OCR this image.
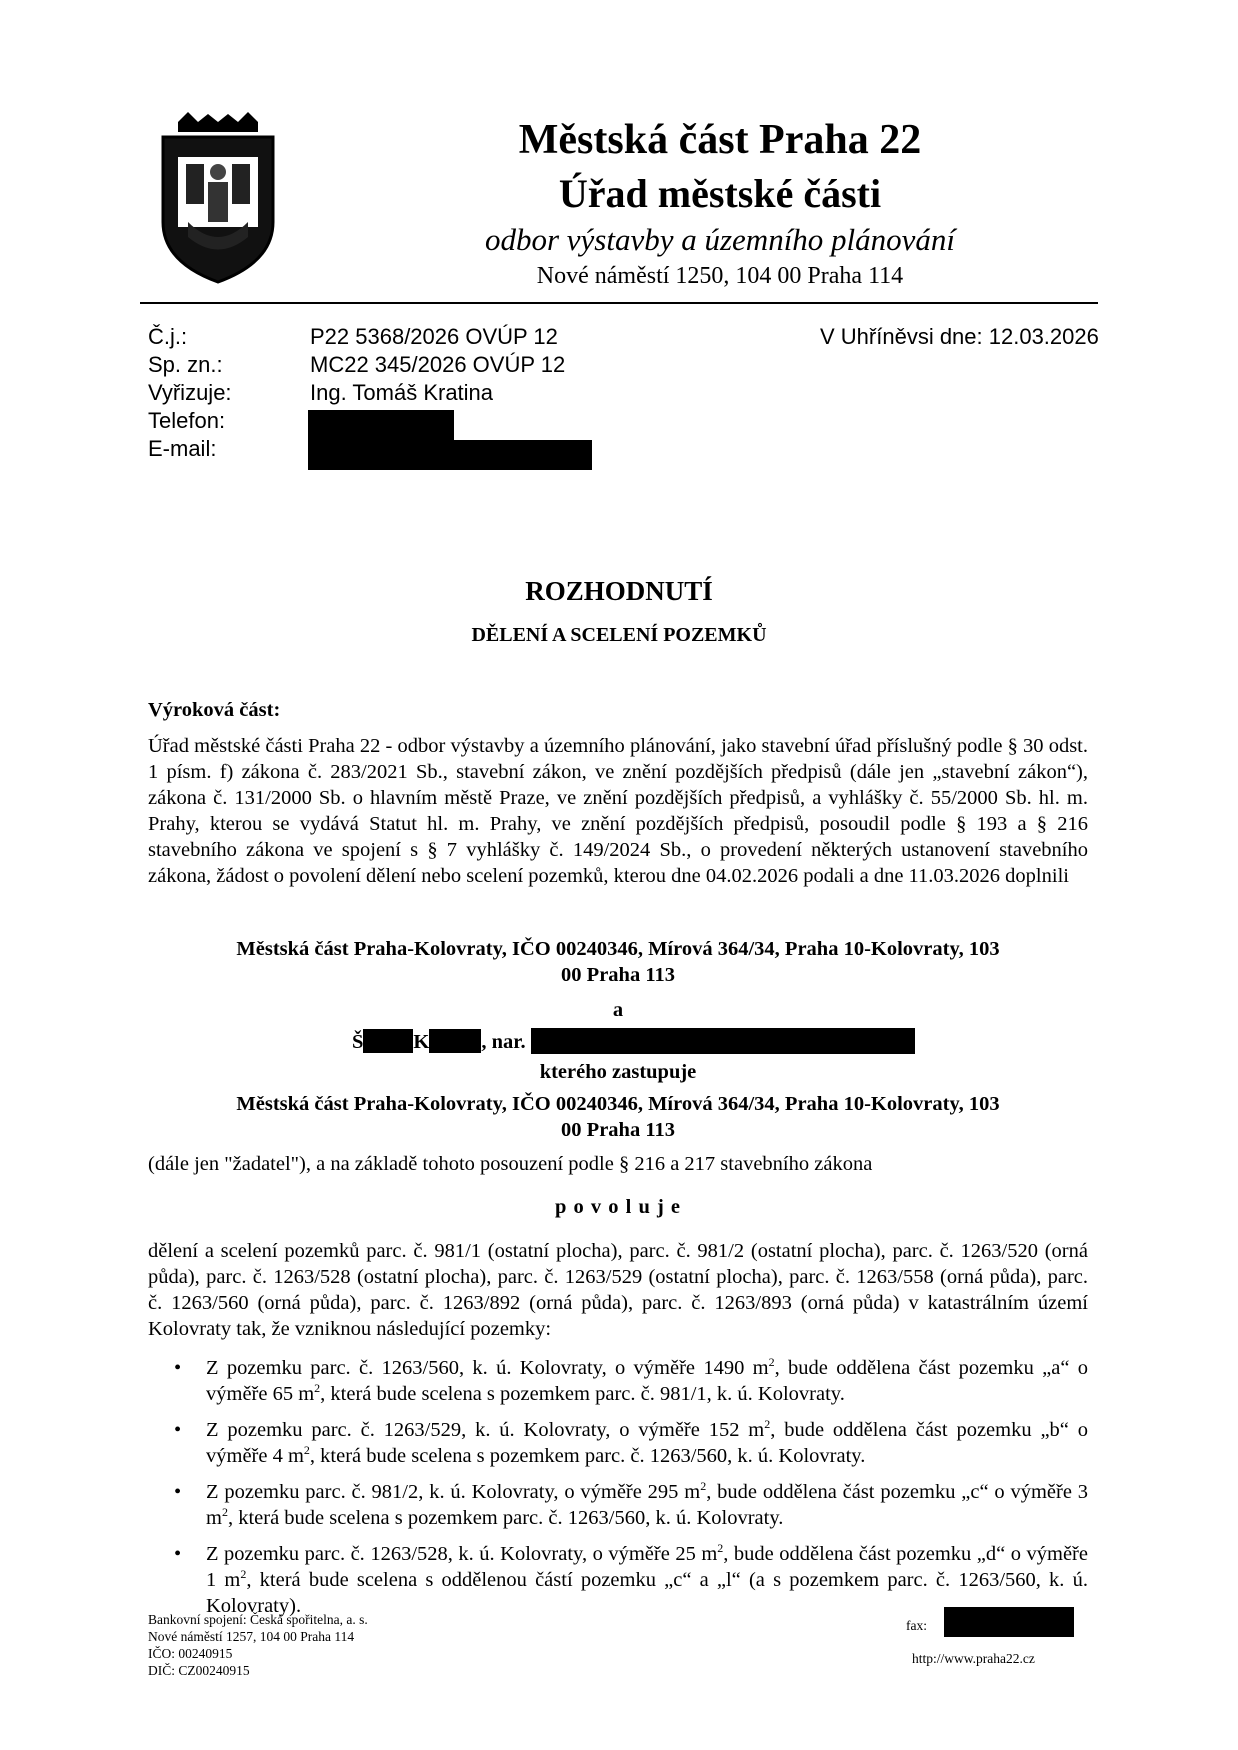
Městská část Praha 22
Úřad městské části
odbor výstavby a územního plánování
Nové náměstí 1250, 104 00 Praha 114
Č.j.:
Sp. zn.:
Vyřizuje:
Telefon:
E-mail:
P22 5368/2026 OVÚP 12
MC22 345/2026 OVÚP 12
Ing. Tomáš Kratina
V Uhříněvsi dne: 12.03.2026
ROZHODNUTÍ
DĚLENÍ A SCELENÍ POZEMKŮ
Výroková část:
Úřad městské části Praha 22 - odbor výstavby a územního plánování, jako stavební úřad příslušný podle § 30 odst. 1 písm. f) zákona č. 283/2021 Sb., stavební zákon, ve znění pozdějších předpisů (dále jen „stavební zákon“), zákona č. 131/2000 Sb. o hlavním městě Praze, ve znění pozdějších předpisů, a vyhlášky č. 55/2000 Sb. hl. m. Prahy, kterou se vydává Statut hl. m. Prahy, ve znění pozdějších předpisů, posoudil podle § 193 a § 216 stavebního zákona ve spojení s § 7 vyhlášky č. 149/2024 Sb., o provedení některých ustanovení stavebního zákona, žádost o povolení dělení nebo scelení pozemků, kterou dne 04.02.2026 podali a dne 11.03.2026 doplnili
Městská část Praha-Kolovraty, IČO 00240346, Mírová 364/34, Praha 10-Kolovraty, 103 00 Praha 113
a
Š K	, nar.
kterého zastupuje
Městská část Praha-Kolovraty, IČO 00240346, Mírová 364/34, Praha 10-Kolovraty, 103 00 Praha 113
(dále jen "žadatel"), a na základě tohoto posouzení podle § 216 a 217 stavebního zákona
p o v o l u j e
dělení a scelení pozemků parc. č. 981/1 (ostatní plocha), parc. č. 981/2 (ostatní plocha), parc. č. 1263/520 (orná půda), parc. č. 1263/528 (ostatní plocha), parc. č. 1263/529 (ostatní plocha), parc. č. 1263/558 (orná půda), parc. č. 1263/560 (orná půda), parc. č. 1263/892 (orná půda), parc. č. 1263/893 (orná půda) v katastrálním území Kolovraty tak, že vzniknou následující pozemky:
• Z pozemku parc. č. 1263/560, k. ú. Kolovraty, o výměře 1490 $m^2$, bude oddělena část pozemku „a“ o výměře 65 $m^2$, která bude scelena s pozemkem parc. č. 981/1, k. ú. Kolovraty.
• Z pozemku parc. č. 1263/529, k. ú. Kolovraty, o výměře 152 $m^2$, bude oddělena část pozemku „b“ o výměře 4 $m^2$, která bude scelena s pozemkem parc. č. 1263/560, k. ú. Kolovraty.
• Z pozemku parc. č. 981/2, k. ú. Kolovraty, o výměře 295 $m^2$, bude oddělena část pozemku „c“ o výměře 3 $m^2$, která bude scelena s pozemkem parc. č. 1263/560, k. ú. Kolovraty.
• Z pozemku parc. č. 1263/528, k. ú. Kolovraty, o výměře 25 $m^2$, bude oddělena část pozemku „d“ o výměře 1 $m^2$, která bude scelena s oddělenou částí pozemku „c“ a „l“ (a s pozemkem parc. č. 1263/560, k. ú. Kolovraty).
Bankovní spojení: Česká spořitelna, a. s.
Nové náměstí 1257, 104 00 Praha 114
IČO: 00240915
DIČ: CZ00240915
fax:
http://www.praha22.cz
